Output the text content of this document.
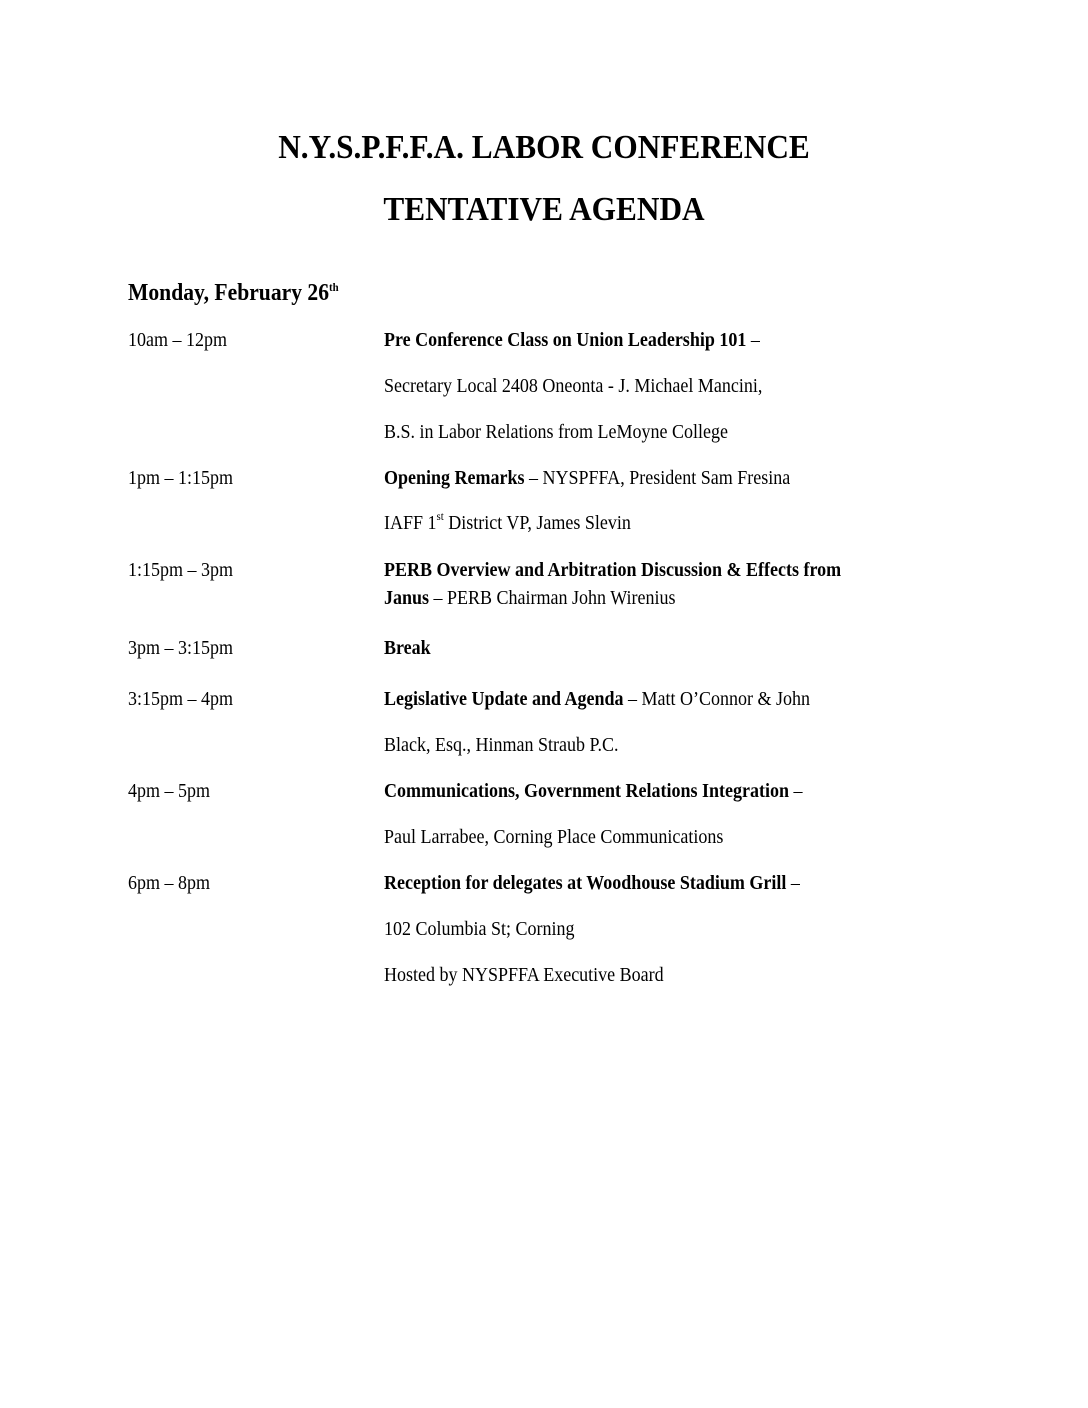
N.Y.S.P.F.F.A. LABOR CONFERENCE
TENTATIVE AGENDA
Monday, February 26th
10am – 12pm	Pre Conference Class on Union Leadership 101 –
Secretary Local 2408 Oneonta - J. Michael Mancini,
B.S. in Labor Relations from LeMoyne College
1pm – 1:15pm	Opening Remarks – NYSPFFA, President Sam Fresina
IAFF 1st District VP, James Slevin
1:15pm – 3pm	PERB Overview and Arbitration Discussion & Effects from
Janus – PERB Chairman John Wirenius
3pm – 3:15pm	Break
3:15pm – 4pm	Legislative Update and Agenda – Matt O’Connor & John
Black, Esq., Hinman Straub P.C.
4pm – 5pm	Communications, Government Relations Integration –
Paul Larrabee, Corning Place Communications
6pm – 8pm	Reception for delegates at Woodhouse Stadium Grill –
102 Columbia St; Corning
Hosted by NYSPFFA Executive Board
